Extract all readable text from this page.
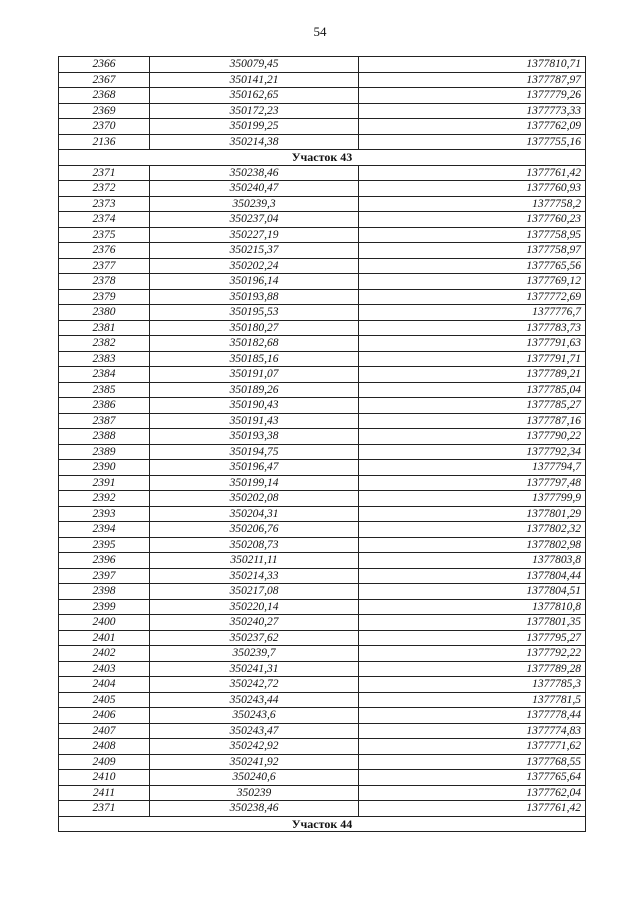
54
2366	350079,45	1377810,71
2367	350141,21	1377787,97
2368	350162,65	1377779,26
2369	350172,23	1377773,33
2370	350199,25	1377762,09
2136	350214,38	1377755,16
Участок 43		
2371	350238,46	1377761,42
2372	350240,47	1377760,93
2373	350239,3	1377758,2
2374	350237,04	1377760,23
2375	350227,19	1377758,95
2376	350215,37	1377758,97
2377	350202,24	1377765,56
2378	350196,14	1377769,12
2379	350193,88	1377772,69
2380	350195,53	1377776,7
2381	350180,27	1377783,73
2382	350182,68	1377791,63
2383	350185,16	1377791,71
2384	350191,07	1377789,21
2385	350189,26	1377785,04
2386	350190,43	1377785,27
2387	350191,43	1377787,16
2388	350193,38	1377790,22
2389	350194,75	1377792,34
2390	350196,47	1377794,7
2391	350199,14	1377797,48
2392	350202,08	1377799,9
2393	350204,31	1377801,29
2394	350206,76	1377802,32
2395	350208,73	1377802,98
2396	350211,11	1377803,8
2397	350214,33	1377804,44
2398	350217,08	1377804,51
2399	350220,14	1377810,8
2400	350240,27	1377801,35
2401	350237,62	1377795,27
2402	350239,7	1377792,22
2403	350241,31	1377789,28
2404	350242,72	1377785,3
2405	350243,44	1377781,5
2406	350243,6	1377778,44
2407	350243,47	1377774,83
2408	350242,92	1377771,62
2409	350241,92	1377768,55
2410	350240,6	1377765,64
2411	350239	1377762,04
2371	350238,46	1377761,42
Участок 44		
